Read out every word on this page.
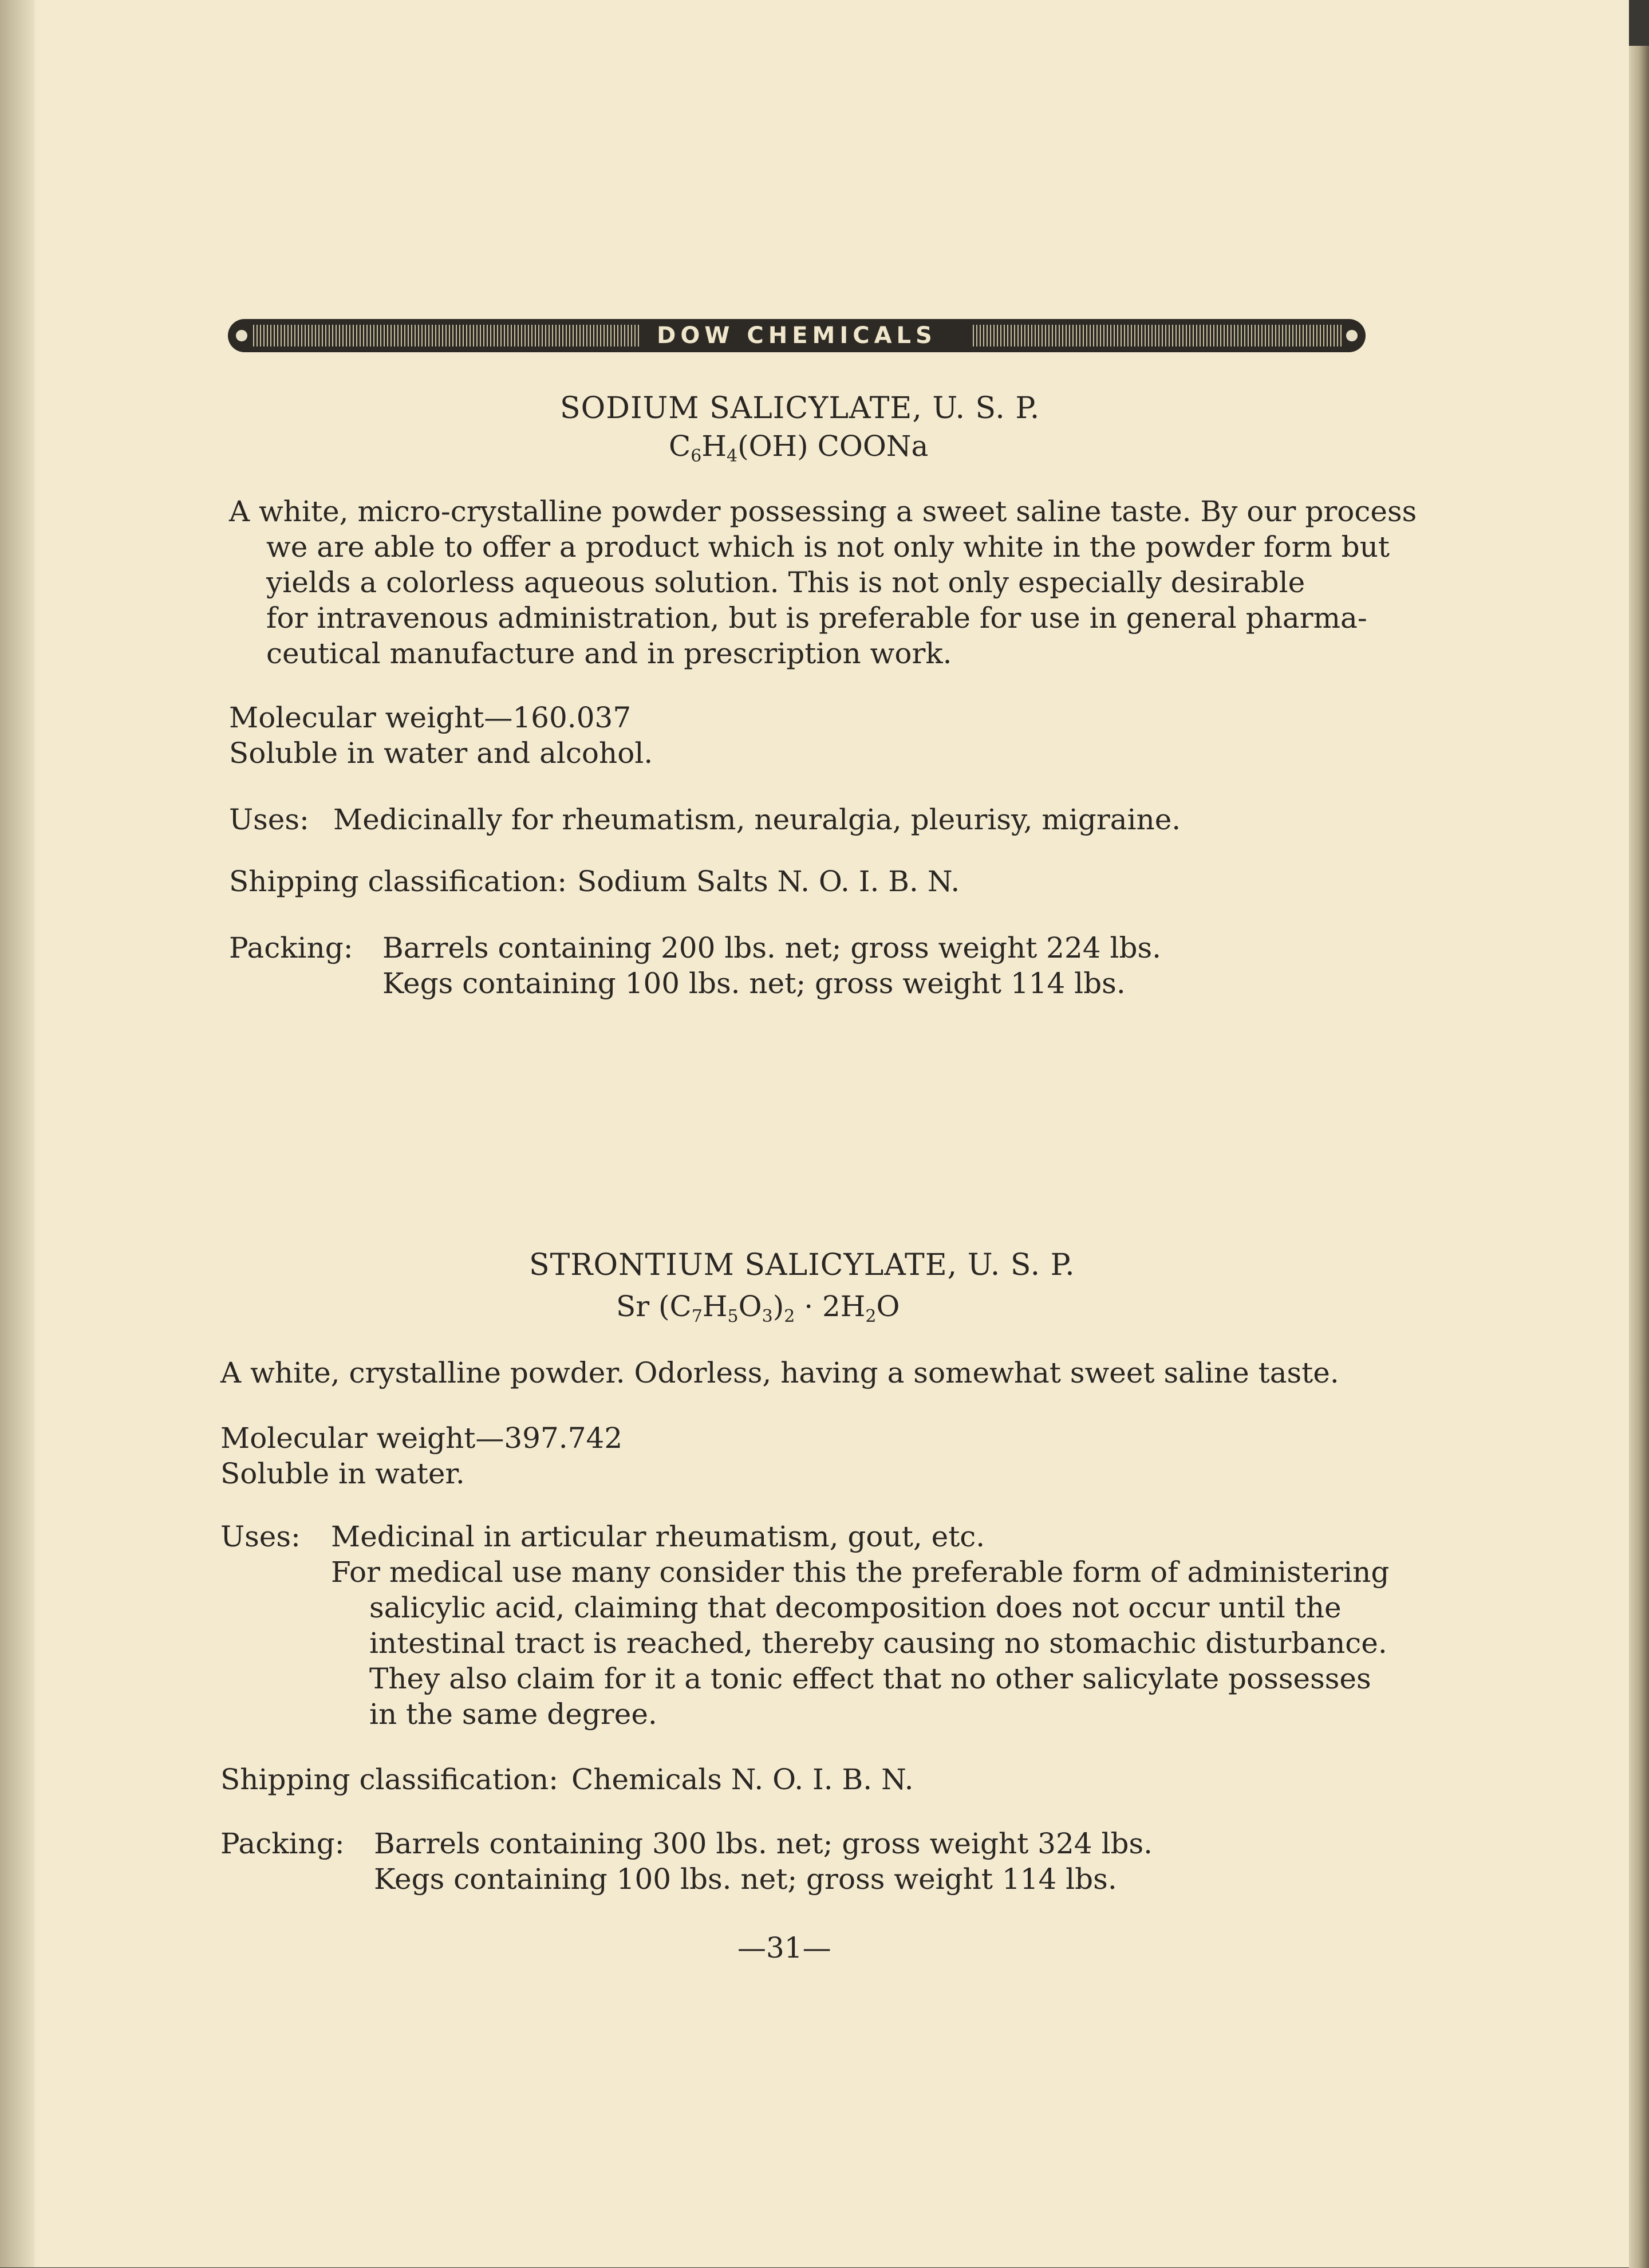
DOW CHEMICALS
SODIUM SALICYLATE, U. S. P.
$C_6H_4(OH)$ COONa
A white, micro-crystalline powder possessing a sweet saline taste. By our process
we are able to offer a product which is not only white in the powder form but
yields a colorless aqueous solution. This is not only especially desirable
for intravenous administration, but is preferable for use in general pharma-
ceutical manufacture and in prescription work.
Molecular weight—160.037
Soluble in water and alcohol.
Uses: Medicinally for rheumatism, neuralgia, pleurisy, migraine.
Shipping classification: Sodium Salts N. O. I. B. N.
Packing: Barrels containing 200 lbs. net; gross weight 224 lbs.
Kegs containing 100 lbs. net; gross weight 114 lbs.
STRONTIUM SALICYLATE, U. S. P.
Sr $(C_7H_5O_3)_2 \cdot 2H_2O$
A white, crystalline powder. Odorless, having a somewhat sweet saline taste.
Molecular weight—397.742
Soluble in water.
Uses: Medicinal in articular rheumatism, gout, etc.
For medical use many consider this the preferable form of administering
salicylic acid, claiming that decomposition does not occur until the
intestinal tract is reached, thereby causing no stomachic disturbance.
They also claim for it a tonic effect that no other salicylate possesses
in the same degree.
Shipping classification: Chemicals N. O. I. B. N.
Packing: Barrels containing 300 lbs. net; gross weight 324 lbs.
Kegs containing 100 lbs. net; gross weight 114 lbs.
—31—
